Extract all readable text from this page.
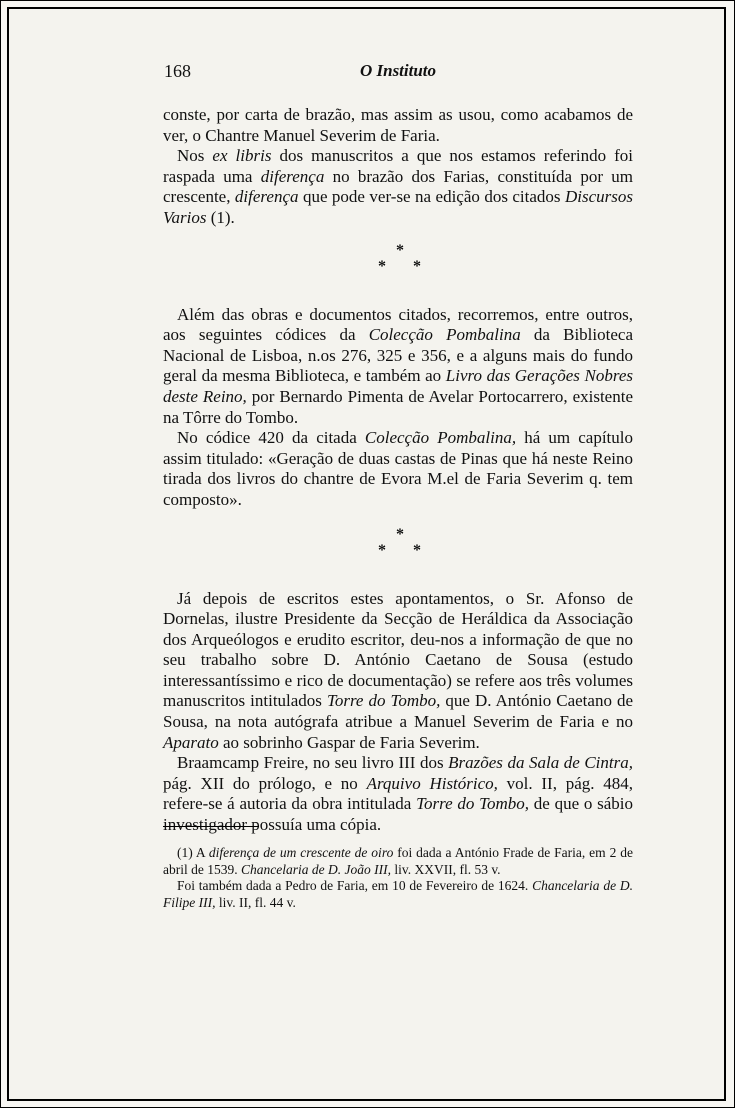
168	O Instituto

conste, por carta de brazão, mas assim as usou, como acabamos de ver, o Chantre Manuel Severim de Faria.

Nos ex libris dos manuscritos a que nos estamos referindo foi raspada uma diferença no brazão dos Farias, constituída por um crescente, diferença que pode ver-se na edição dos citados Discursos Varios (1).

*
* *

Além das obras e documentos citados, recorremos, entre outros, aos seguintes códices da Colecção Pombalina da Biblioteca Nacional de Lisboa, n.os 276, 325 e 356, e a alguns mais do fundo geral da mesma Biblioteca, e também ao Livro das Gerações Nobres deste Reino, por Bernardo Pimenta de Avelar Portocarrero, existente na Tôrre do Tombo.

No códice 420 da citada Colecção Pombalina, há um capítulo assim titulado: «Geração de duas castas de Pinas que há neste Reino tirada dos livros do chantre de Evora M.el de Faria Severim q. tem composto».

*
* *

Já depois de escritos estes apontamentos, o Sr. Afonso de Dornelas, ilustre Presidente da Secção de Heráldica da Associação dos Arqueólogos e erudito escritor, deu-nos a informação de que no seu trabalho sobre D. António Caetano de Sousa (estudo interessantíssimo e rico de documentação) se refere aos três volumes manuscritos intitulados Torre do Tombo, que D. António Caetano de Sousa, na nota autógrafa atribue a Manuel Severim de Faria e no Aparato ao sobrinho Gaspar de Faria Severim.

Braamcamp Freire, no seu livro III dos Brazões da Sala de Cintra, pág. XII do prólogo, e no Arquivo Histórico, vol. II, pág. 484, refere-se á autoria da obra intitulada Torre do Tombo, de que o sábio investigador possuía uma cópia.

(1) A diferença de um crescente de oiro foi dada a António Frade de Faria, em 2 de abril de 1539. Chancelaria de D. João III, liv. XXVII, fl. 53 v.

Foi também dada a Pedro de Faria, em 10 de Fevereiro de 1624. Chancelaria de D. Filipe III, liv. II, fl. 44 v.
